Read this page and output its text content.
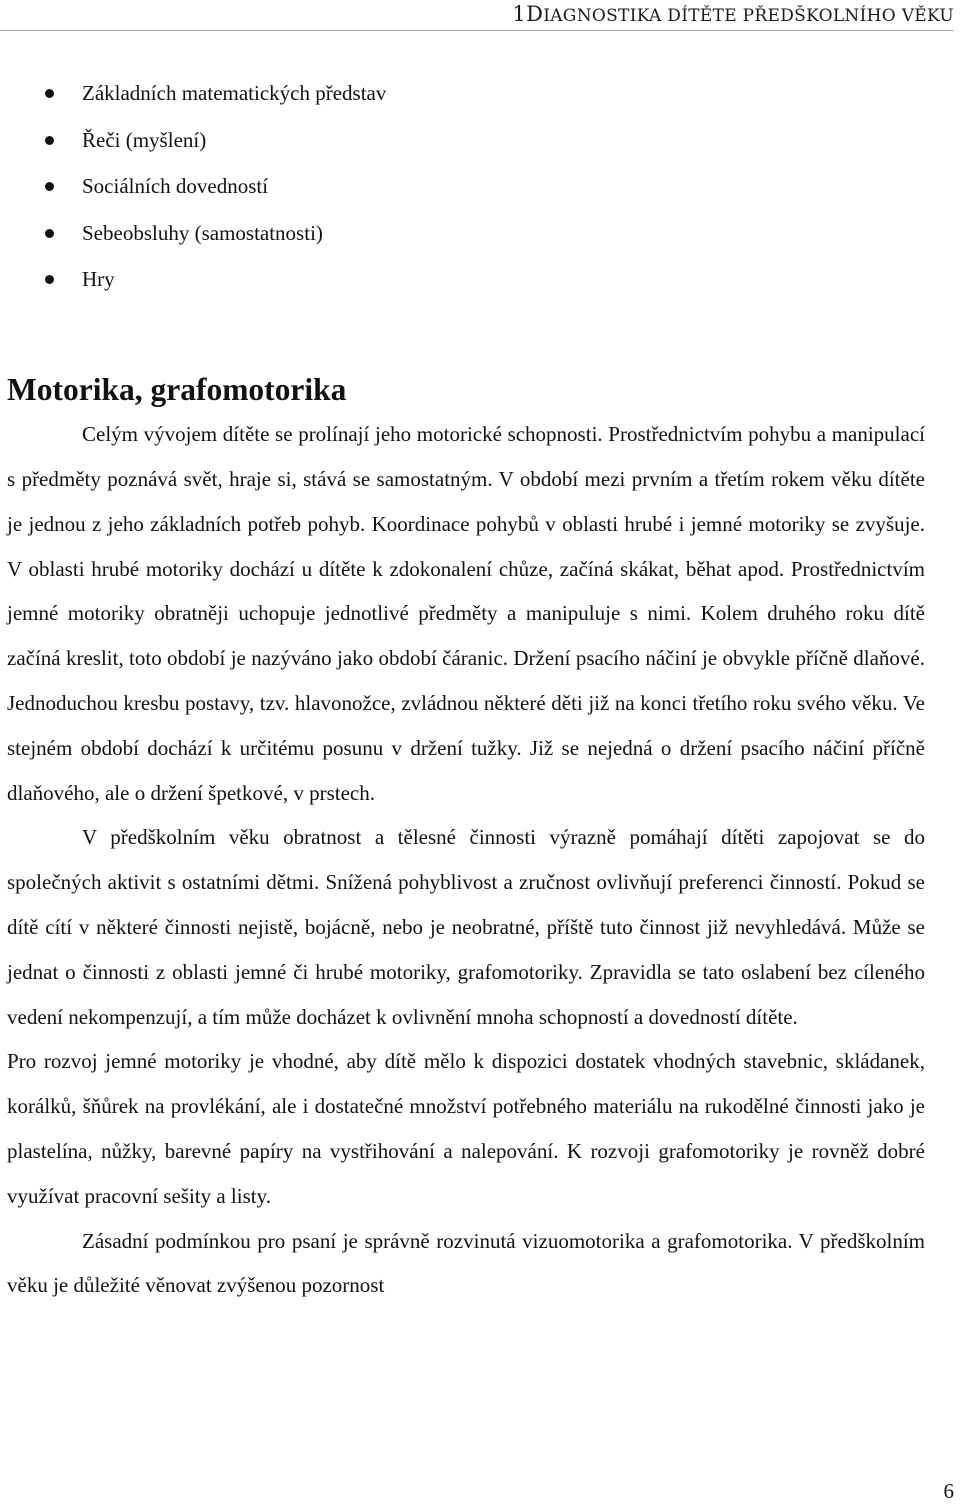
1DIAGNOSTIKA DÍTĚTE PŘEDŠKOLNÍHO VĚKU
Základních matematických představ
Řeči (myšlení)
Sociálních dovedností
Sebeobsluhy (samostatnosti)
Hry
Motorika, grafomotorika

Celým vývojem dítěte se prolínají jeho motorické schopnosti. Prostřednictvím pohybu a manipulací s předměty poznává svět, hraje si, stává se samostatným. V období mezi prvním a třetím rokem věku dítěte je jednou z jeho základních potřeb pohyb. Koordinace pohybů v oblasti hrubé i jemné motoriky se zvyšuje. V oblasti hrubé motoriky dochází u dítěte k zdokonalení chůze, začíná skákat, běhat apod. Prostřednictvím jemné motoriky obratněji uchopuje jednotlivé předměty a manipuluje s nimi. Kolem druhého roku dítě začíná kreslit, toto období je nazýváno jako období čáranic. Držení psacího náčiní je obvykle příčně dlaňové. Jednoduchou kresbu postavy, tzv. hlavonožce, zvládnou některé děti již na konci třetího roku svého věku. Ve stejném období dochází k určitému posunu v držení tužky. Již se nejedná o držení psacího náčiní příčně dlaňového, ale o držení špetkové, v prstech.

V předškolním věku obratnost a tělesné činnosti výrazně pomáhají dítěti zapojovat se do společných aktivit s ostatními dětmi. Snížená pohyblivost a zručnost ovlivňují preferenci činností. Pokud se dítě cítí v některé činnosti nejistě, bojácně, nebo je neobratné, příště tuto činnost již nevyhledává. Může se jednat o činnosti z oblasti jemné či hrubé motoriky, grafomotoriky. Zpravidla se tato oslabení bez cíleného vedení nekompenzují, a tím může docházet k ovlivnění mnoha schopností a dovedností dítěte.

Pro rozvoj jemné motoriky je vhodné, aby dítě mělo k dispozici dostatek vhodných stavebnic, skládanek, korálků, šňůrek na provlékání, ale i dostatečné množství potřebného materiálu na rukodělné činnosti jako je plastelína, nůžky, barevné papíry na vystřihování a nalepování. K rozvoji grafomotoriky je rovněž dobré využívat pracovní sešity a listy.

Zásadní podmínkou pro psaní je správně rozvinutá vizuomotorika a grafomotorika. V předškolním věku je důležité věnovat zvýšenou pozornost

6
